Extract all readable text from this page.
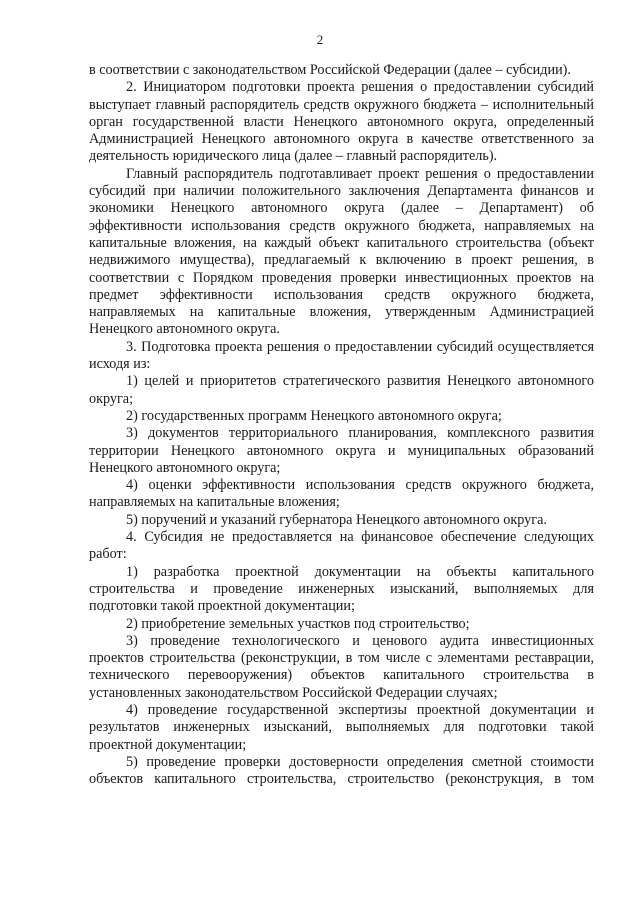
2

в соответствии с законодательством Российской Федерации (далее – субсидии).

2. Инициатором подготовки проекта решения о предоставлении субсидий выступает главный распорядитель средств окружного бюджета – исполнительный орган государственной власти Ненецкого автономного округа, определенный Администрацией Ненецкого автономного округа в качестве ответственного за деятельность юридического лица (далее – главный распорядитель).

Главный распорядитель подготавливает проект решения о предоставлении субсидий при наличии положительного заключения Департамента финансов и экономики Ненецкого автономного округа (далее – Департамент) об эффективности использования средств окружного бюджета, направляемых на капитальные вложения, на каждый объект капитального строительства (объект недвижимого имущества), предлагаемый к включению в проект решения, в соответствии с Порядком проведения проверки инвестиционных проектов на предмет эффективности использования средств окружного бюджета, направляемых на капитальные вложения, утвержденным Администрацией Ненецкого автономного округа.

3. Подготовка проекта решения о предоставлении субсидий осуществляется исходя из:

1) целей и приоритетов стратегического развития Ненецкого автономного округа;

2) государственных программ Ненецкого автономного округа;

3) документов территориального планирования, комплексного развития территории Ненецкого автономного округа и муниципальных образований Ненецкого автономного округа;

4) оценки эффективности использования средств окружного бюджета, направляемых на капитальные вложения;

5) поручений и указаний губернатора Ненецкого автономного округа.

4. Субсидия не предоставляется на финансовое обеспечение следующих работ:

1) разработка проектной документации на объекты капитального строительства и проведение инженерных изысканий, выполняемых для подготовки такой проектной документации;

2) приобретение земельных участков под строительство;

3) проведение технологического и ценового аудита инвестиционных проектов строительства (реконструкции, в том числе с элементами реставрации, технического перевооружения) объектов капитального строительства в установленных законодательством Российской Федерации случаях;

4) проведение государственной экспертизы проектной документации и результатов инженерных изысканий, выполняемых для подготовки такой проектной документации;

5) проведение проверки достоверности определения сметной стоимости объектов капитального строительства, строительство (реконструкция, в том
